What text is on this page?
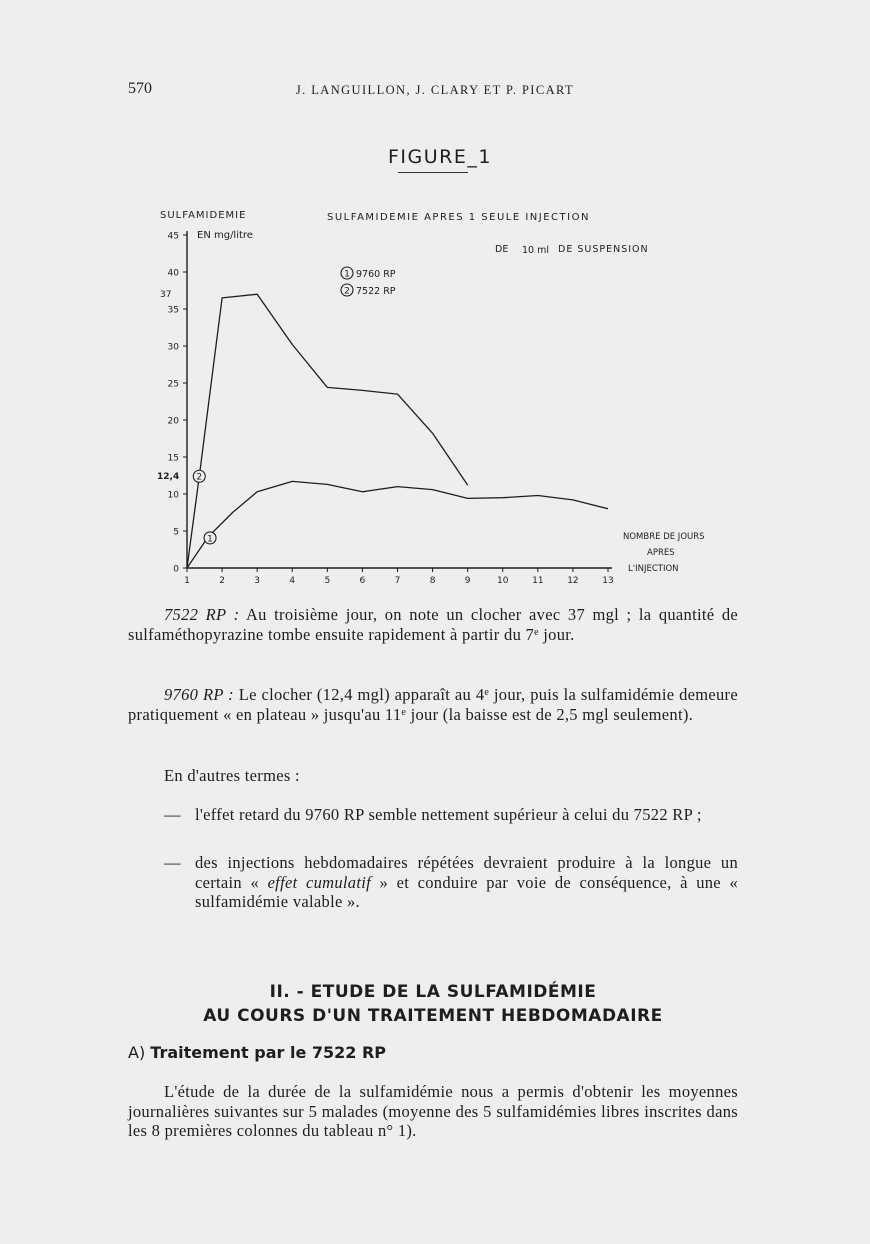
570	J. LANGUILLON, J. CLARY ET P. PICART
FIGURE_1
SULFAMIDEMIE
EN mg/litre
SULFAMIDEMIE APRES 1 SEULE INJECTION
DE 10 ml DE SUSPENSION
1 9760 RP
2 7522 RP
NOMBRE DE JOURS
APRES
L'INJECTION
0
5
10
15
20
25
30
35
40
45
1	2	3	4	5	6	7	8	9	10	11	12	13
37
12,4
1
2
7522 RP : Au troisième jour, on note un clocher avec 37 mgl ; la quantité de sulfaméthopyrazine tombe ensuite rapidement à partir du 7e jour.
9760 RP : Le clocher (12,4 mgl) apparaît au 4e jour, puis la sulfamidémie demeure pratiquement « en plateau » jusqu'au 11e jour (la baisse est de 2,5 mgl seulement).
En d'autres termes :
— l'effet retard du 9760 RP semble nettement supérieur à celui du 7522 RP ;
— des injections hebdomadaires répétées devraient produire à la longue un certain « effet cumulatif » et conduire par voie de conséquence, à une « sulfamidémie valable ».
II. - ETUDE DE LA SULFAMIDÉMIE
AU COURS D'UN TRAITEMENT HEBDOMADAIRE
A) Traitement par le 7522 RP
L'étude de la durée de la sulfamidémie nous a permis d'obtenir les moyennes journalières suivantes sur 5 malades (moyenne des 5 sulfamidémies libres inscrites dans les 8 premières colonnes du tableau n° 1).
